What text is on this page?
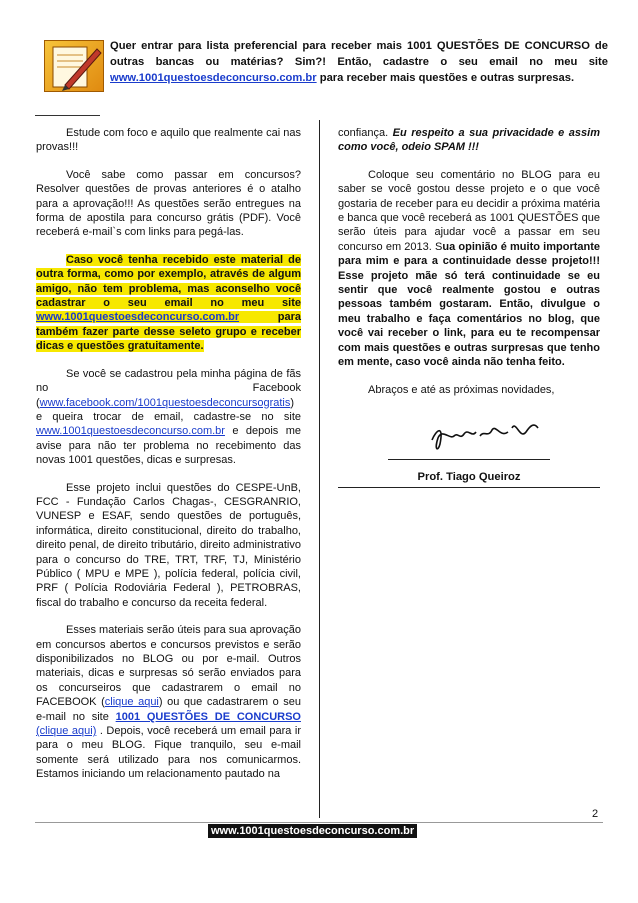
Quer entrar para lista preferencial para receber mais 1001 QUESTÕES DE CONCURSO de outras bancas ou matérias? Sim?! Então, cadastre o seu email no meu site www.1001questoesdeconcurso.com.br para receber mais questões e outras surpresas.

Estude com foco e aquilo que realmente cai nas provas!!!

Você sabe como passar em concursos? Resolver questões de provas anteriores é o atalho para a aprovação!!! As questões serão entregues na forma de apostila para concurso grátis (PDF). Você receberá e-mail`s com links para pegá-las.

Caso você tenha recebido este material de outra forma, como por exemplo, através de algum amigo, não tem problema, mas aconselho você cadastrar o seu email no meu site www.1001questoesdeconcurso.com.br para também fazer parte desse seleto grupo e receber dicas e questões gratuitamente.

Se você se cadastrou pela minha página de fãs no Facebook (www.facebook.com/1001questoesdeconcursogratis) e queira trocar de email, cadastre-se no site www.1001questoesdeconcurso.com.br e depois me avise para não ter problema no recebimento das novas 1001 questões, dicas e surpresas.

Esse projeto inclui questões do CESPE-UnB, FCC - Fundação Carlos Chagas-, CESGRANRIO, VUNESP e ESAF, sendo questões de português, informática, direito constitucional, direito do trabalho, direito penal, de direito tributário, direito administrativo para o concurso do TRE, TRT, TRF, TJ, Ministério Público ( MPU e MPE ), polícia federal, polícia civil, PRF ( Polícia Rodoviária Federal ), PETROBRAS, fiscal do trabalho e concurso da receita federal.

Esses materiais serão úteis para sua aprovação em concursos abertos e concursos previstos e serão disponibilizados no BLOG ou por e-mail. Outros materiais, dicas e surpresas só serão enviados para os concurseiros que cadastrarem o email no FACEBOOK (clique aqui) ou que cadastrarem o seu e-mail no site 1001 QUESTÕES DE CONCURSO (clique aqui) . Depois, você receberá um email para ir para o meu BLOG. Fique tranquilo, seu e-mail somente será utilizado para nos comunicarmos. Estamos iniciando um relacionamento pautado na

confiança. Eu respeito a sua privacidade e assim como você, odeio SPAM !!!

Coloque seu comentário no BLOG para eu saber se você gostou desse projeto e o que você gostaria de receber para eu decidir a próxima matéria e banca que você receberá as 1001 QUESTÕES que serão úteis para ajudar você a passar em seu concurso em 2013. Sua opinião é muito importante para mim e para a continuidade desse projeto!!! Esse projeto mãe só terá continuidade se eu sentir que você realmente gostou e outras pessoas também gostaram. Então, divulgue o meu trabalho e faça comentários no blog, que você vai receber o link, para eu te recompensar com mais questões e outras surpresas que tenho em mente, caso você ainda não tenha feito.

Abraços e até as próximas novidades,

Prof. Tiago Queiroz
2
www.1001questoesdeconcurso.com.br
